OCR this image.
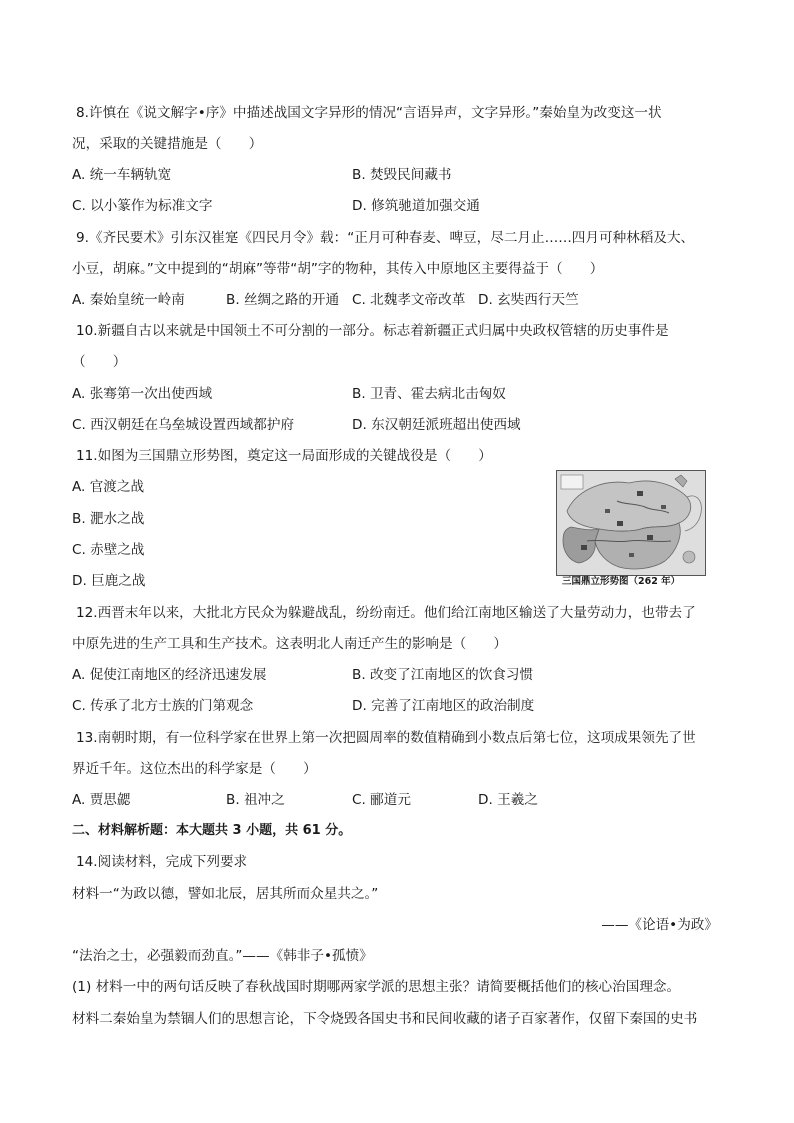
8.许慎在《说文解字•序》中描述战国文字异形的情况“言语异声，文字异形。”秦始皇为改变这一状
况，采取的关键措施是（　　）
A. 统一车辆轨宽	B. 焚毁民间藏书
C. 以小篆作为标准文字	D. 修筑驰道加强交通
9.《齐民要术》引东汉崔寔《四民月令》载：“正月可种春麦、啤豆，尽二月止……四月可种林稻及大、
小豆，胡麻。”文中提到的“胡麻”等带“胡”字的物种，其传入中原地区主要得益于（　　）
A. 秦始皇统一岭南	B. 丝绸之路的开通 C. 北魏孝文帝改革 D. 玄奘西行天竺
10.新疆自古以来就是中国领土不可分割的一部分。标志着新疆正式归属中央政权管辖的历史事件是
（　　）
A. 张骞第一次出使西域	B. 卫青、霍去病北击匈奴
C. 西汉朝廷在乌垒城设置西域都护府	D. 东汉朝廷派班超出使西域
11.如图为三国鼎立形势图，奠定这一局面形成的关键战役是（　　）
A. 官渡之战
B. 淝水之战
C. 赤壁之战
D. 巨鹿之战	三国鼎立形势图（262 年）
12.西晋末年以来，大批北方民众为躲避战乱，纷纷南迁。他们给江南地区输送了大量劳动力，也带去了
中原先进的生产工具和生产技术。这表明北人南迁产生的影响是（　　）
A. 促使江南地区的经济迅速发展	B. 改变了江南地区的饮食习惯
C. 传承了北方士族的门第观念	D. 完善了江南地区的政治制度
13.南朝时期，有一位科学家在世界上第一次把圆周率的数值精确到小数点后第七位，这项成果领先了世
界近千年。这位杰出的科学家是（　　）
A. 贾思勰	B. 祖冲之	C. 郦道元	D. 王羲之
二、材料解析题：本大题共 3 小题，共 61 分。
14.阅读材料，完成下列要求
材料一“为政以德，譬如北辰，居其所而众星共之。”
——《论语•为政》
“法治之士，必强毅而劲直。”——《韩非子•孤愤》
(1) 材料一中的两句话反映了春秋战国时期哪两家学派的思想主张？请简要概括他们的核心治国理念。
材料二秦始皇为禁锢人们的思想言论，下令烧毁各国史书和民间收藏的诸子百家著作，仅留下秦国的史书
